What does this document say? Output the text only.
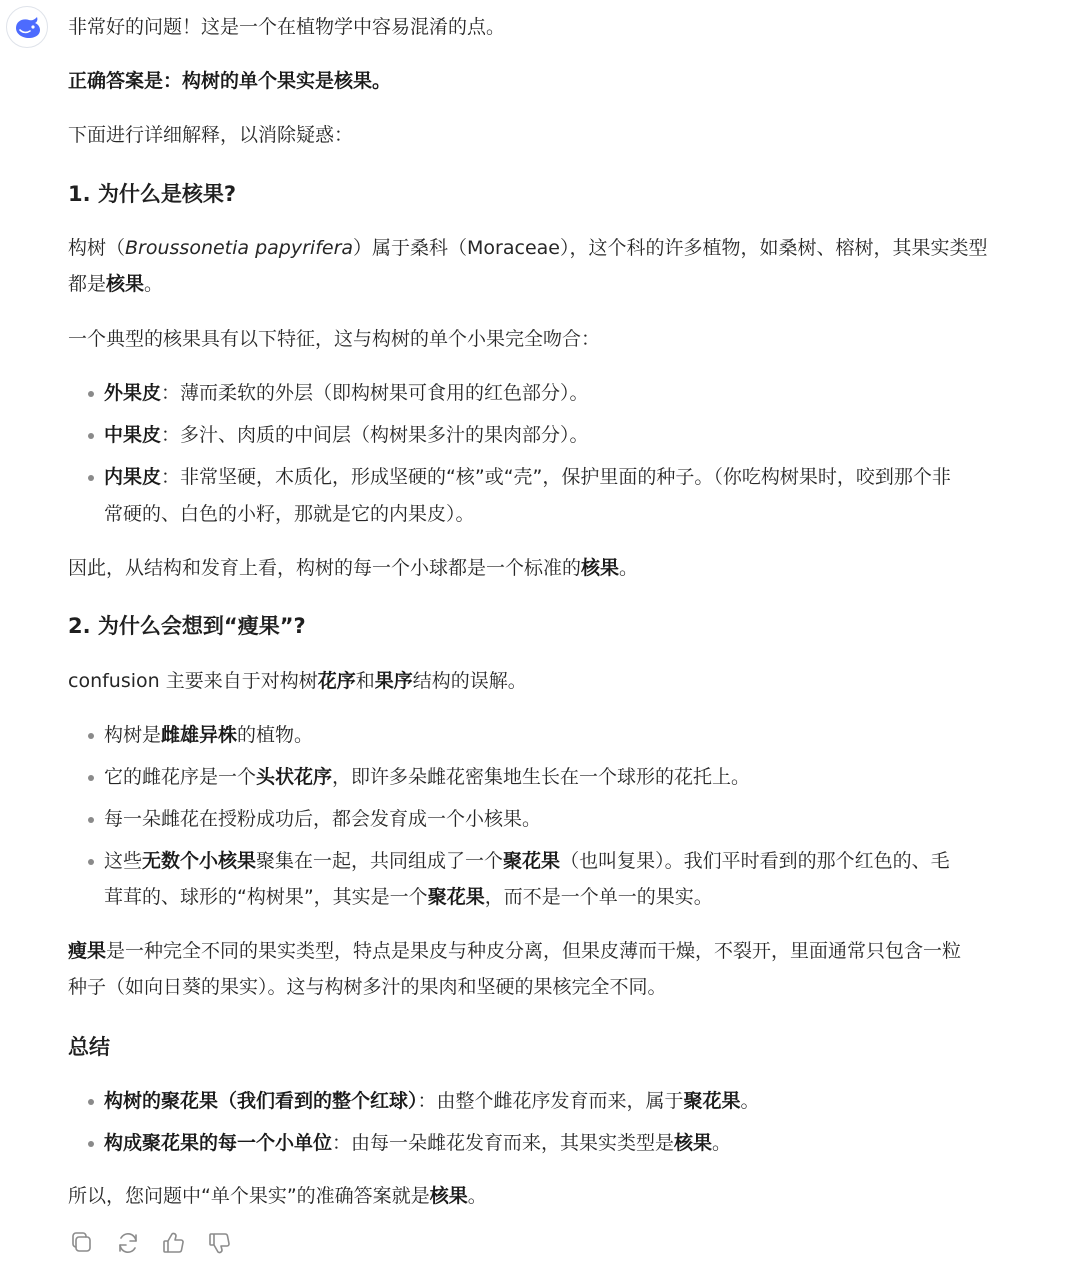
非常好的问题！这是一个在植物学中容易混淆的点。
正确答案是：构树的单个果实是核果。
下面进行详细解释，以消除疑惑：
1. 为什么是核果?
构树（Broussonetia papyrifera）属于桑科（Moraceae），这个科的许多植物，如桑树、榕树，其果实类型
都是核果。
一个典型的核果具有以下特征，这与构树的单个小果完全吻合：
外果皮：薄而柔软的外层（即构树果可食用的红色部分）。
中果皮：多汁、肉质的中间层（构树果多汁的果肉部分）。
内果皮：非常坚硬，木质化，形成坚硬的“核”或“壳”，保护里面的种子。（你吃构树果时，咬到那个非
常硬的、白色的小籽，那就是它的内果皮）。
因此，从结构和发育上看，构树的每一个小球都是一个标准的核果。
2. 为什么会想到“瘦果”?
confusion 主要来自于对构树花序和果序结构的误解。
构树是雌雄异株的植物。
它的雌花序是一个头状花序，即许多朵雌花密集地生长在一个球形的花托上。
每一朵雌花在授粉成功后，都会发育成一个小核果。
这些无数个小核果聚集在一起，共同组成了一个聚花果（也叫复果）。我们平时看到的那个红色的、毛
茸茸的、球形的“构树果”，其实是一个聚花果，而不是一个单一的果实。
瘦果是一种完全不同的果实类型，特点是果皮与种皮分离，但果皮薄而干燥，不裂开，里面通常只包含一粒
种子（如向日葵的果实）。这与构树多汁的果肉和坚硬的果核完全不同。
总结
构树的聚花果（我们看到的整个红球）：由整个雌花序发育而来，属于聚花果。
构成聚花果的每一个小单位：由每一朵雌花发育而来，其果实类型是核果。
所以，您问题中“单个果实”的准确答案就是核果。
